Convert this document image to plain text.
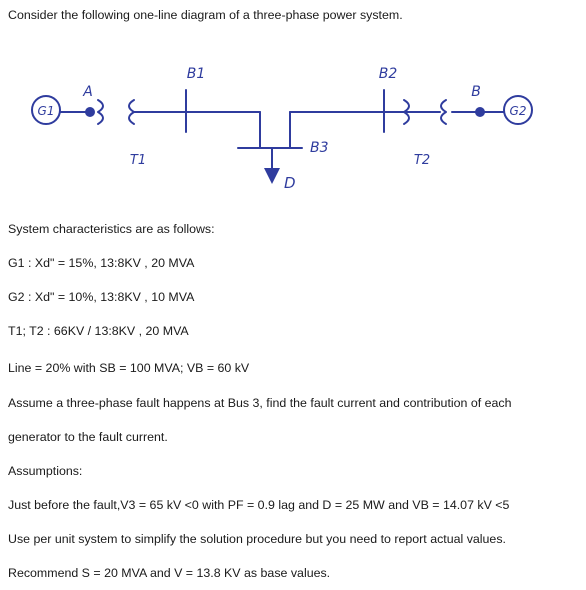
Consider the following one-line diagram of a three-phase power system.

G1	G2
A	B
B1	B2
B3
D
T1	T2

System characteristics are as follows:

G1 : Xd" = 15%, 13:8KV , 20 MVA

G2 : Xd" = 10%, 13:8KV , 10 MVA

T1; T2 : 66KV / 13:8KV , 20 MVA

Line = 20% with SB = 100 MVA; VB = 60 kV

Assume a three-phase fault happens at Bus 3, find the fault current and contribution of each

generator to the fault current.

Assumptions:

Just before the fault,V3 = 65 kV <0 with PF = 0.9 lag and D = 25 MW and VB = 14.07 kV <5

Use per unit system to simplify the solution procedure but you need to report actual values.

Recommend S = 20 MVA and V = 13.8 KV as base values.
